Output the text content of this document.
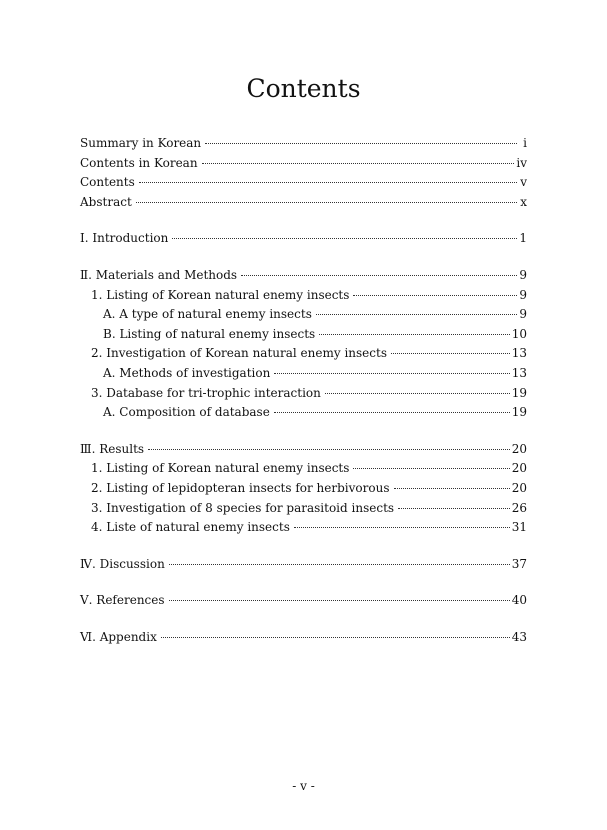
Contents
Summary in Korean	i
Contents in Korean	iv
Contents	v
Abstract	x
Ⅰ. Introduction	1
Ⅱ. Materials and Methods	9
1. Listing of Korean natural enemy insects	9
A. A type of natural enemy insects	9
B. Listing of natural enemy insects	10
2. Investigation of Korean natural enemy insects	13
A. Methods of investigation	13
3. Database for tri-trophic interaction	19
A. Composition of database	19
Ⅲ. Results	20
1. Listing of Korean natural enemy insects	20
2. Listing of lepidopteran insects for herbivorous	20
3. Investigation of 8 species for parasitoid insects	26
4. Liste of natural enemy insects	31
Ⅳ. Discussion	37
Ⅴ. References	40
Ⅵ. Appendix	43
- v -
